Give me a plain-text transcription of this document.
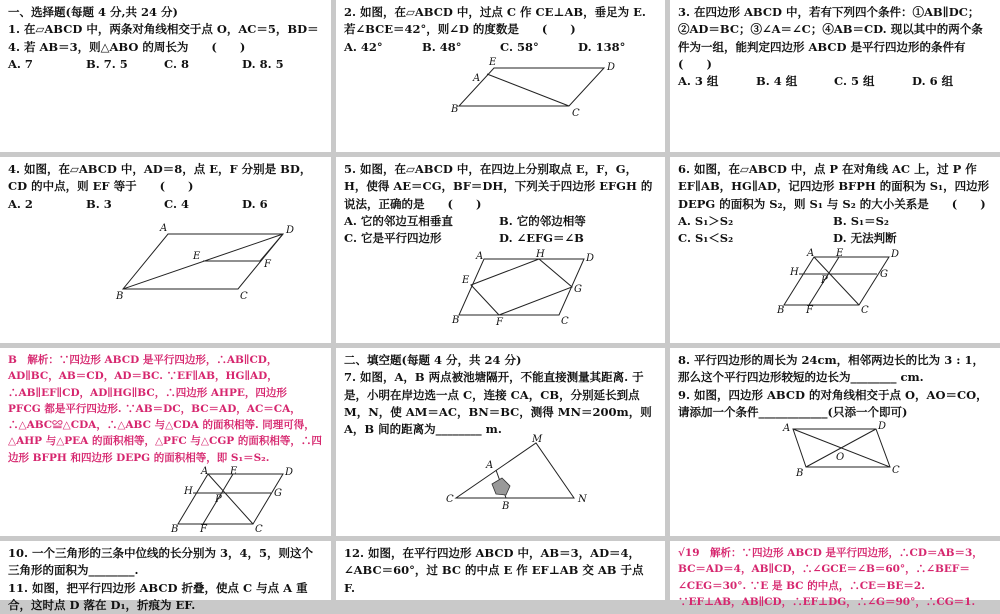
一、选择题(每题 4 分,共 24 分)

1. 在▱ABCD 中，两条对角线相交于点 O，AC＝5，BD＝4. 若 AB＝3，则△ABO 的周长为　　(　　)

A. 7	B. 7. 5	C. 8	D. 8. 5

2. 如图，在▱ABCD 中，过点 C 作 CE⊥AB，垂足为 E. 若∠BCE＝42°，则∠D 的度数是　　(　　)

A. 42°	B. 48°	C. 58°	D. 138°
B	C
D
A
E

3. 在四边形 ABCD 中，若有下列四个条件：①AB∥DC；②AD＝BC；③∠A＝∠C；④AB＝CD. 现以其中的两个条件为一组，能判定四边形 ABCD 是平行四边形的条件有　　(　　)

A. 3 组	B. 4 组	C. 5 组	D. 6 组

4. 如图，在▱ABCD 中，AD＝8，点 E，F 分别是 BD，CD 的中点，则 EF 等于　　(　　)

A. 2	B. 3	C. 4	D. 6
B	C
D
A
E
F

5. 如图，在▱ABCD 中，在四边上分别取点 E，F，G，H，使得 AE＝CG，BF＝DH，下列关于四边形 EFGH 的说法，正确的是　　(　　)

A. 它的邻边互相垂直	B. 它的邻边相等

C. 它是平行四边形	D. ∠EFG＝∠B

B	C
D
A
E
F
G
H

6. 如图，在▱ABCD 中，点 P 在对角线 AC 上，过 P 作 EF∥AB，HG∥AD，记四边形 BFPH 的面积为 S₁，四边形 DEPG 的面积为 S₂，则 S₁ 与 S₂ 的大小关系是　　(　　)

A. S₁＞S₂	B. S₁＝S₂

C. S₁＜S₂	D. 无法判断

B	C
D
A E
F
G
H
P

B　解析：∵四边形 ABCD 是平行四边形，∴AB∥CD，AD∥BC，AB＝CD，AD＝BC. ∵EF∥AB，HG∥AD，∴AB∥EF∥CD，AD∥HG∥BC，∴四边形 AHPE，四边形 PFCG 都是平行四边形. ∵AB＝DC，BC＝AD，AC＝CA，∴△ABC≌△CDA，∴△ABC 与△CDA 的面积相等. 同理可得，△AHP 与△PEA 的面积相等，△PFC 与△CGP 的面积相等，∴四边形 BFPH 和四边形 DEPG 的面积相等，即 S₁＝S₂.

B	C
D
A E
F
G
H
P

二、填空题(每题 4 分，共 24 分)

7. 如图，A，B 两点被池塘隔开，不能直接测量其距离. 于是，小明在岸边选一点 C，连接 CA，CB，分别延长到点 M，N，使 AM＝AC，BN＝BC，测得 MN＝200m，则 A，B 间的距离为________ m.

C	N
M
A
B

8. 平行四边形的周长为 24cm，相邻两边长的比为 3 : 1，那么这个平行四边形较短的边长为________ cm.

9. 如图，四边形 ABCD 的对角线相交于点 O，AO＝CO，请添加一个条件____________(只添一个即可)

A	D
B	C
O

10. 一个三角形的三条中位线的长分别为 3，4，5，则这个三角形的面积为________.

11. 如图，把平行四边形 ABCD 折叠，使点 C 与点 A 重合，这时点 D 落在 D₁，折痕为 EF.

12. 如图，在平行四边形 ABCD 中，AB＝3，AD＝4，∠ABC＝60°，过 BC 的中点 E 作 EF⊥AB 交 AB 于点 F.

√19　解析：∵四边形 ABCD 是平行四边形，∴CD＝AB＝3，BC＝AD＝4，AB∥CD，∴∠GCE＝∠B＝60°，∴∠BEF＝∠CEG＝30°. ∵E 是 BC 的中点，∴CE＝BE＝2. ∵EF⊥AB，AB∥CD，∴EF⊥DG，∴∠G＝90°，∴CG＝1.
